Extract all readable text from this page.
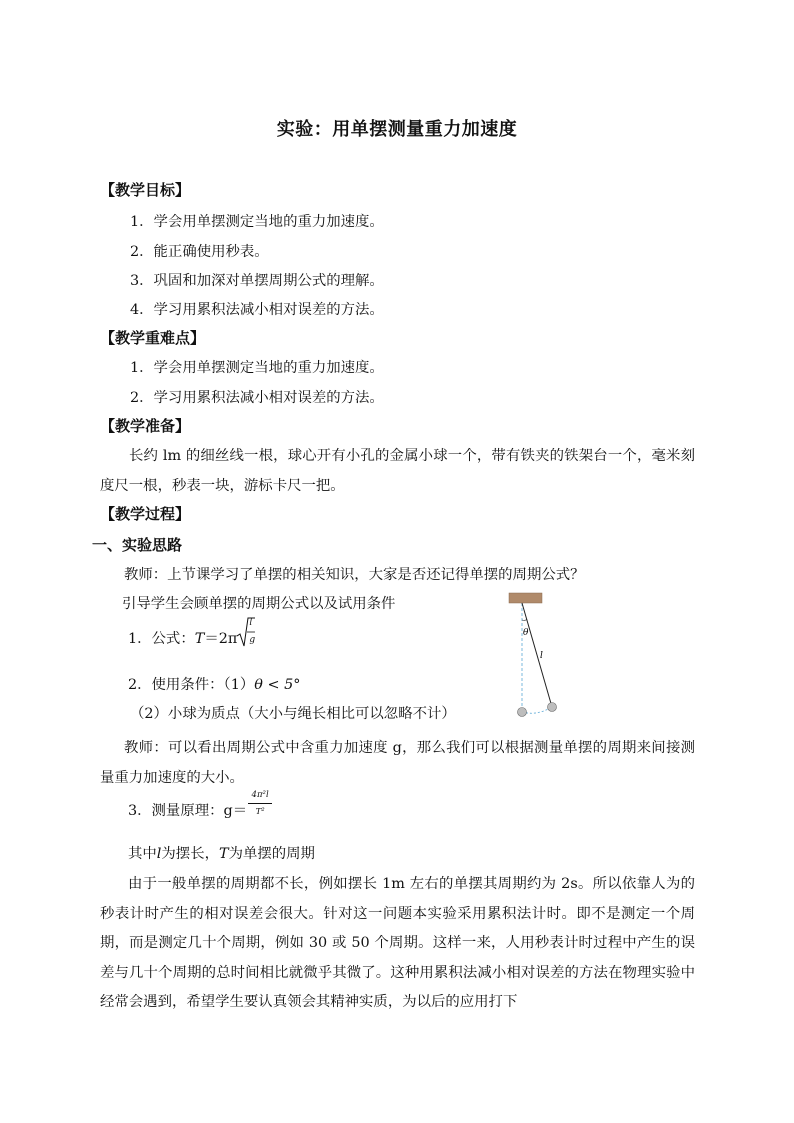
实验：用单摆测量重力加速度
【教学目标】
1．学会用单摆测定当地的重力加速度。
2．能正确使用秒表。
3．巩固和加深对单摆周期公式的理解。
4．学习用累积法减小相对误差的方法。
【教学重难点】
1．学会用单摆测定当地的重力加速度。
2．学习用累积法减小相对误差的方法。
【教学准备】
长约 lm 的细丝线一根，球心开有小孔的金属小球一个，带有铁夹的铁架台一个，毫米刻度尺一根，秒表一块，游标卡尺一把。
【教学过程】
一、实验思路
教师：上节课学习了单摆的相关知识，大家是否还记得单摆的周期公式？
引导学生会顾单摆的周期公式以及试用条件
1．公式：T＝2π
l
g
2．使用条件：（1）θ < 5°
（2）小球为质点（大小与绳长相比可以忽略不计）
教师：可以看出周期公式中含重力加速度 g，那么我们可以根据测量单摆的周期来间接测量重力加速度的大小。
3．测量原理：$g= \frac{\text{4π²l}}{\text{T²}}$
其中l为摆长，T为单摆的周期
由于一般单摆的周期都不长，例如摆长 1m 左右的单摆其周期约为 2s。所以依靠人为的秒表计时产生的相对误差会很大。针对这一问题本实验采用累积法计时。即不是测定一个周期，而是测定几十个周期，例如 30 或 50 个周期。这样一来，人用秒表计时过程中产生的误差与几十个周期的总时间相比就微乎其微了。这种用累积法减小相对误差的方法在物理实验中经常会遇到，希望学生要认真领会其精神实质，为以后的应用打下
θ
l
